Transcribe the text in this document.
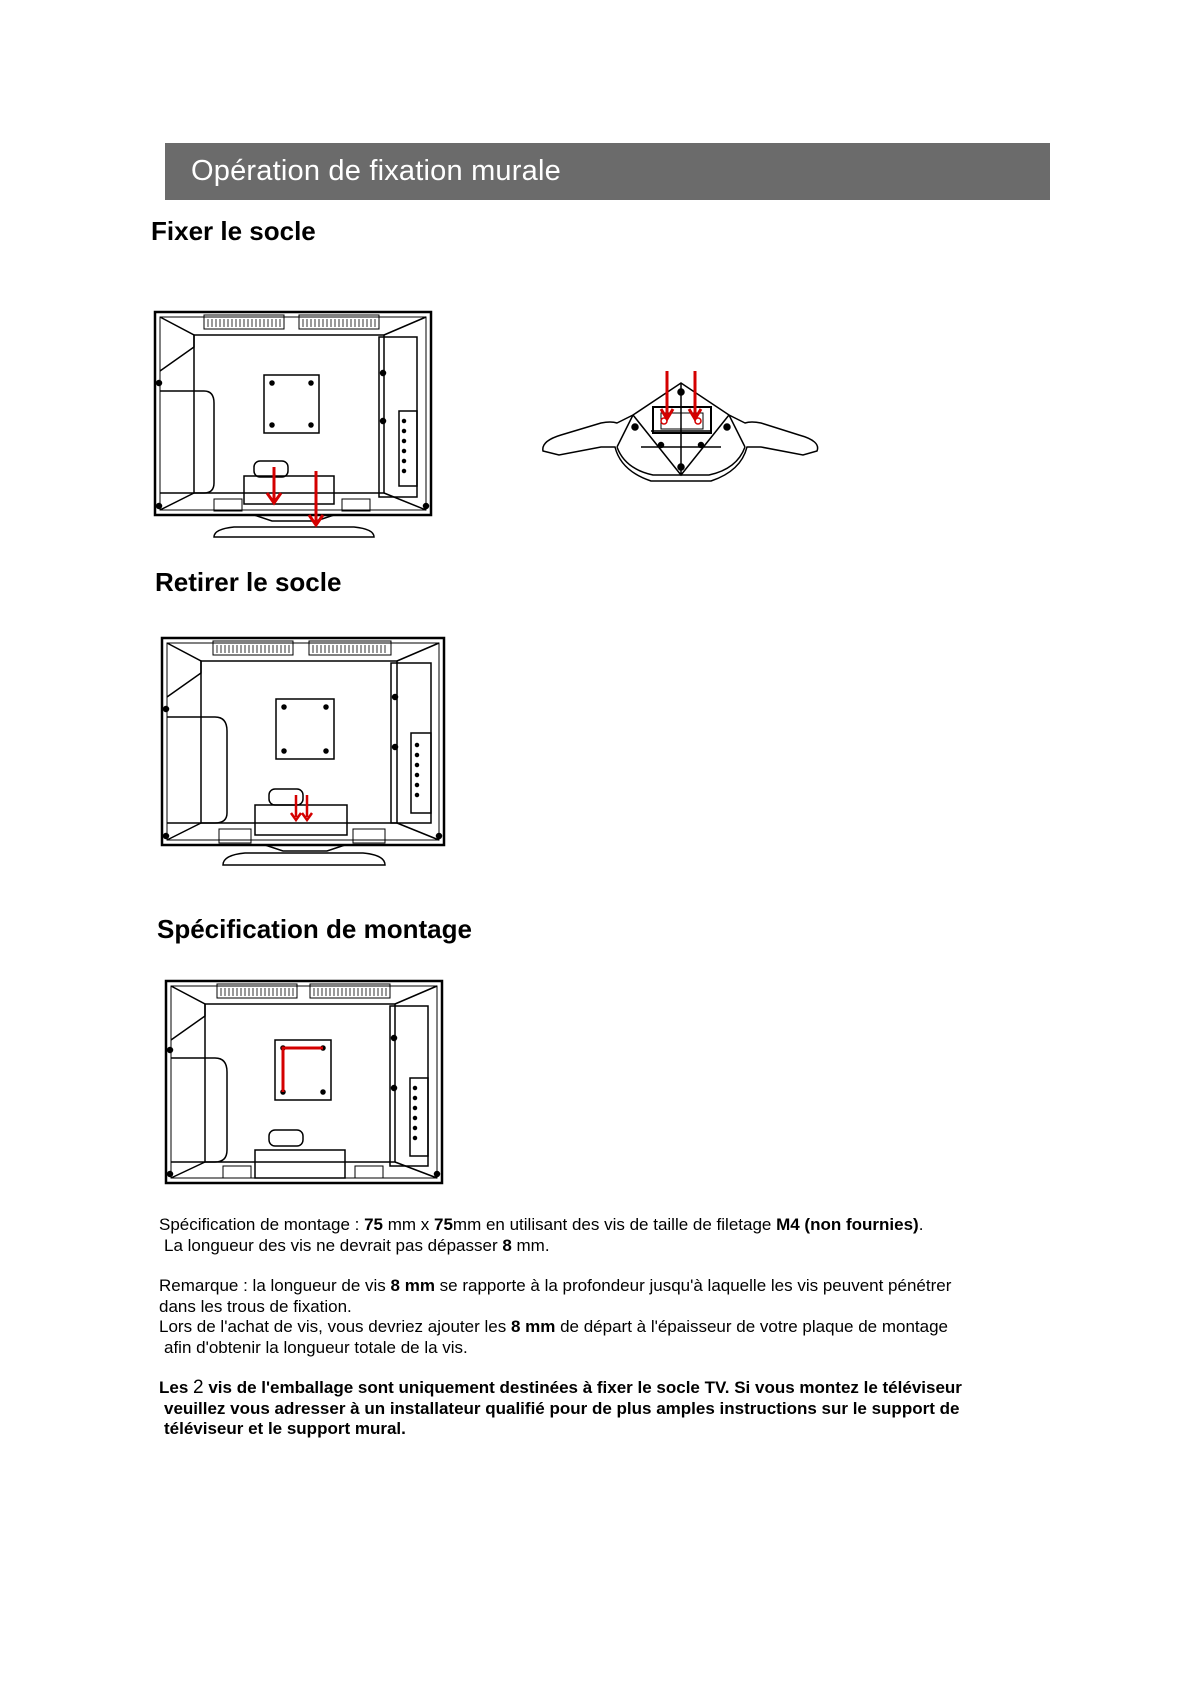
Opération de fixation murale
Fixer le socle
Retirer le socle
Spécification de montage

Spécification de montage : 75 mm x 75mm en utilisant des vis de taille de filetage M4 (non fournies).

La longueur des vis ne devrait pas dépasser 8 mm.

Remarque : la longueur de vis 8 mm se rapporte à la profondeur jusqu'à laquelle les vis peuvent pénétrer

dans les trous de fixation.

Lors de l'achat de vis, vous devriez ajouter les 8 mm de départ à l'épaisseur de votre plaque de montage

afin d'obtenir la longueur totale de la vis.

Les 2 vis de l'emballage sont uniquement destinées à fixer le socle TV. Si vous montez le téléviseur

veuillez vous adresser à un installateur qualifié pour de plus amples instructions sur le support de

téléviseur et le support mural.
